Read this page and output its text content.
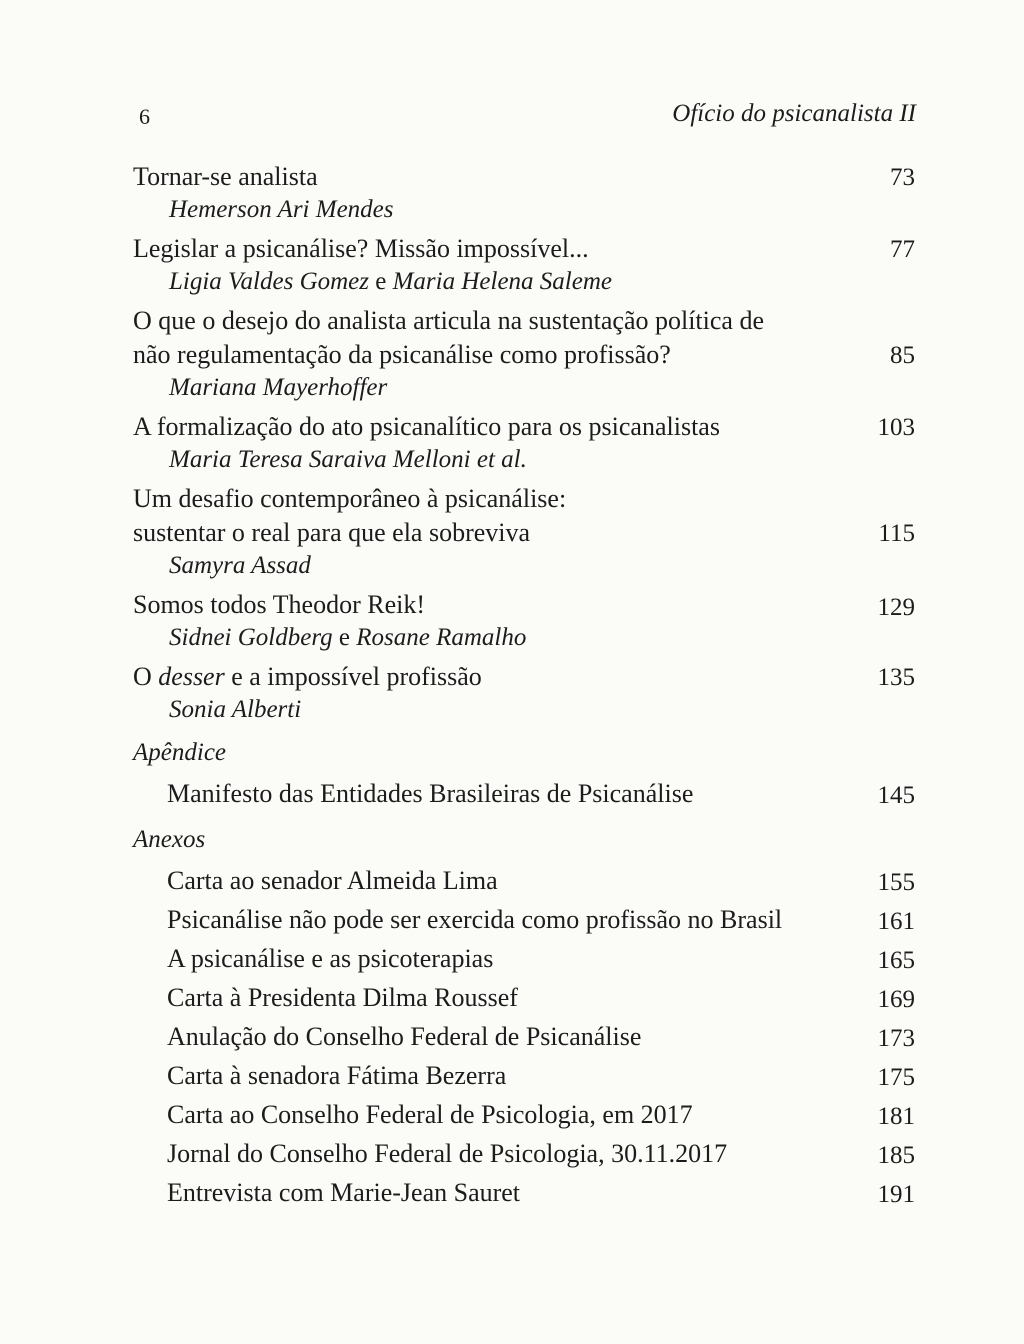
6	Ofício do psicanalista II
Tornar-se analista	73
Hemerson Ari Mendes
Legislar a psicanálise? Missão impossível...	77
Ligia Valdes Gomez e Maria Helena Saleme
O que o desejo do analista articula na sustentação política de
não regulamentação da psicanálise como profissão?	85
Mariana Mayerhoffer
A formalização do ato psicanalítico para os psicanalistas	103
Maria Teresa Saraiva Melloni et al.
Um desafio contemporâneo à psicanálise:
sustentar o real para que ela sobreviva	115
Samyra Assad
Somos todos Theodor Reik!	129
Sidnei Goldberg e Rosane Ramalho
O desser e a impossível profissão	135
Sonia Alberti
Apêndice
Manifesto das Entidades Brasileiras de Psicanálise	145
Anexos
Carta ao senador Almeida Lima	155
Psicanálise não pode ser exercida como profissão no Brasil	161
A psicanálise e as psicoterapias	165
Carta à Presidenta Dilma Roussef	169
Anulação do Conselho Federal de Psicanálise	173
Carta à senadora Fátima Bezerra	175
Carta ao Conselho Federal de Psicologia, em 2017	181
Jornal do Conselho Federal de Psicologia, 30.11.2017	185
Entrevista com Marie-Jean Sauret	191
